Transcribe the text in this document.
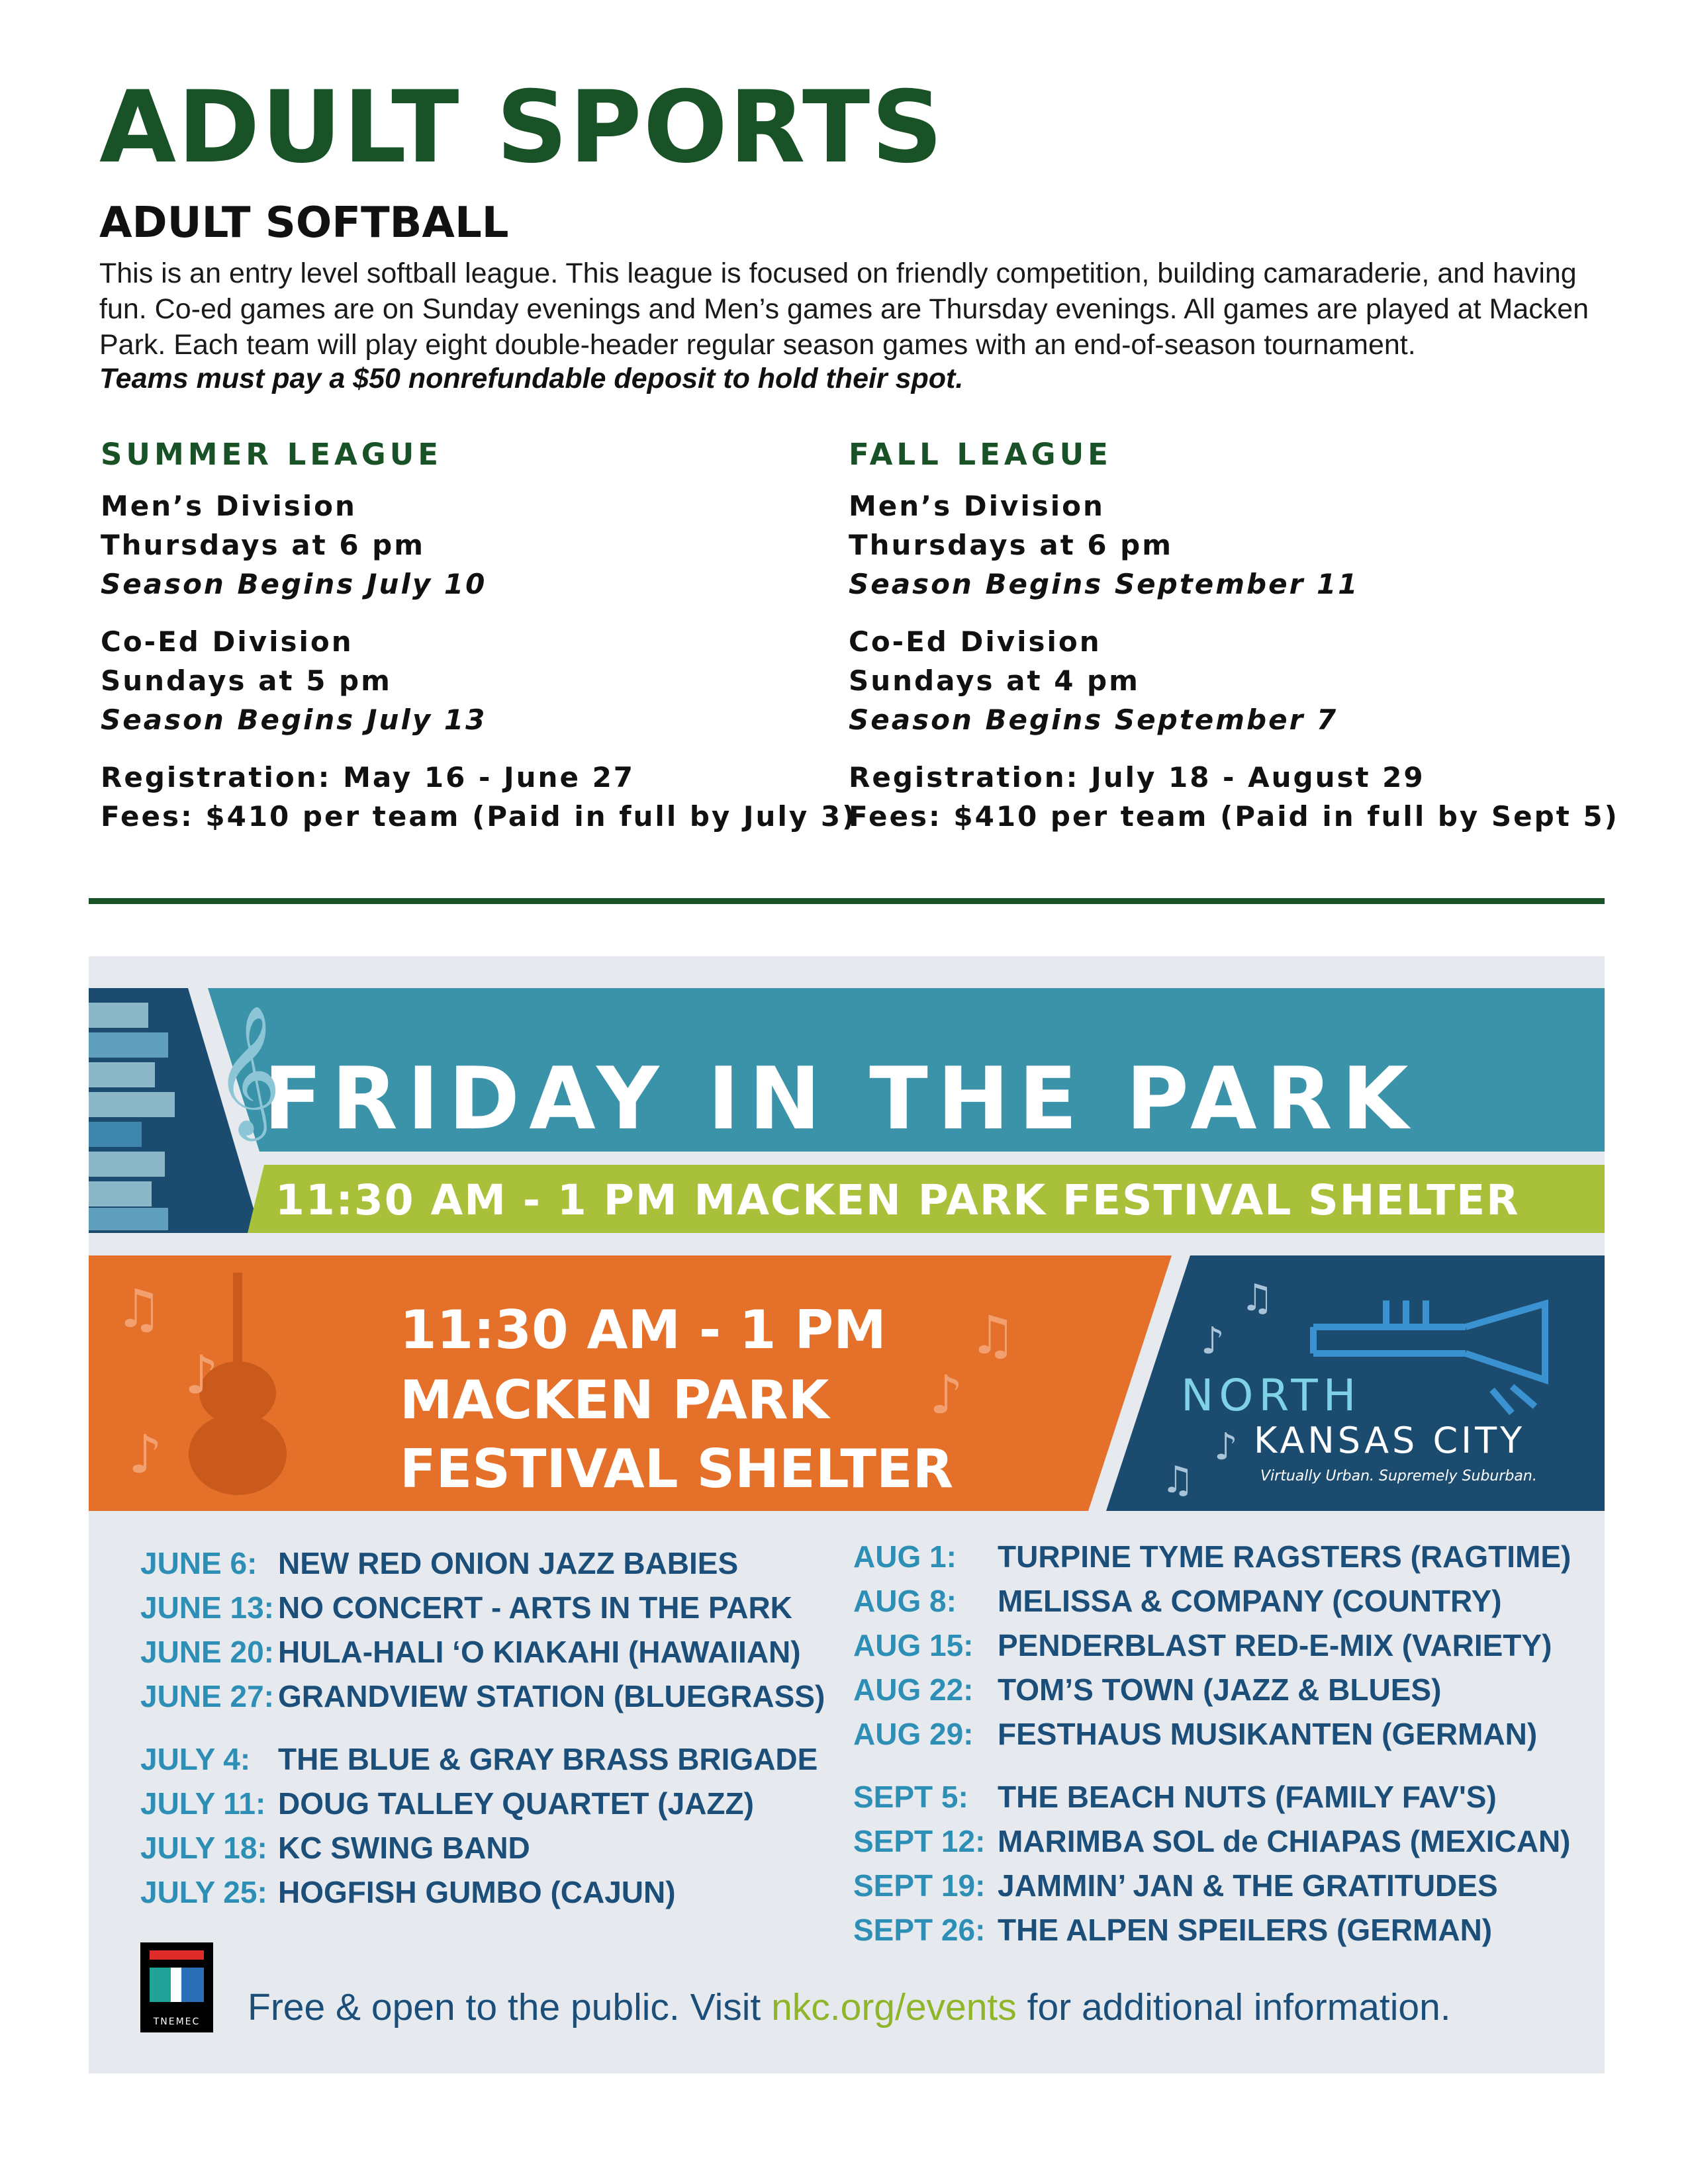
ADULT SPORTS
ADULT SOFTBALL

This is an entry level softball league. This league is focused on friendly competition, building camaraderie, and having fun. Co-ed games are on Sunday evenings and Men’s games are Thursday evenings. All games are played at Macken Park. Each team will play eight double-header regular season games with an end-of-season tournament.

Teams must pay a $50 nonrefundable deposit to hold their spot.

SUMMER LEAGUE
Men’s Division
Thursdays at 6 pm
Season Begins July 10
Co-Ed Division
Sundays at 5 pm
Season Begins July 13
Registration: May 16 - June 27
Fees: $410 per team (Paid in full by July 3)
FALL LEAGUE
Men’s Division
Thursdays at 6 pm
Season Begins September 11
Co-Ed Division
Sundays at 4 pm
Season Begins September 7
Registration: July 18 - August 29
Fees: $410 per team (Paid in full by Sept 5)
FRIDAY IN THE PARK
𝄞
11:30 AM - 1 PM MACKEN PARK FESTIVAL SHELTER
♫
♪
♪
♫
♪
11:30 AM - 1 PM
MACKEN PARK
FESTIVAL SHELTER
♫
♪
♫
♪
NORTH
KANSAS CITY
Virtually Urban. Supremely Suburban.
TNEMEC
JUNE 6: NEW RED ONION JAZZ BABIES
JUNE 13: NO CONCERT - ARTS IN THE PARK
JUNE 20: HULA-HALI ‘O KIAKAHI (HAWAIIAN)
JUNE 27: GRANDVIEW STATION (BLUEGRASS)
JULY 4: THE BLUE & GRAY BRASS BRIGADE
JULY 11: DOUG TALLEY QUARTET (JAZZ)
JULY 18: KC SWING BAND
JULY 25: HOGFISH GUMBO (CAJUN)
AUG 1: TURPINE TYME RAGSTERS (RAGTIME)
AUG 8: MELISSA & COMPANY (COUNTRY)
AUG 15: PENDERBLAST RED-E-MIX (VARIETY)
AUG 22: TOM’S TOWN (JAZZ & BLUES)
AUG 29: FESTHAUS MUSIKANTEN (GERMAN)
SEPT 5: THE BEACH NUTS (FAMILY FAV'S)
SEPT 12: MARIMBA SOL de CHIAPAS (MEXICAN)
SEPT 19: JAMMIN’ JAN & THE GRATITUDES
SEPT 26: THE ALPEN SPEILERS (GERMAN)
Free & open to the public. Visit nkc.org/events for additional information.
